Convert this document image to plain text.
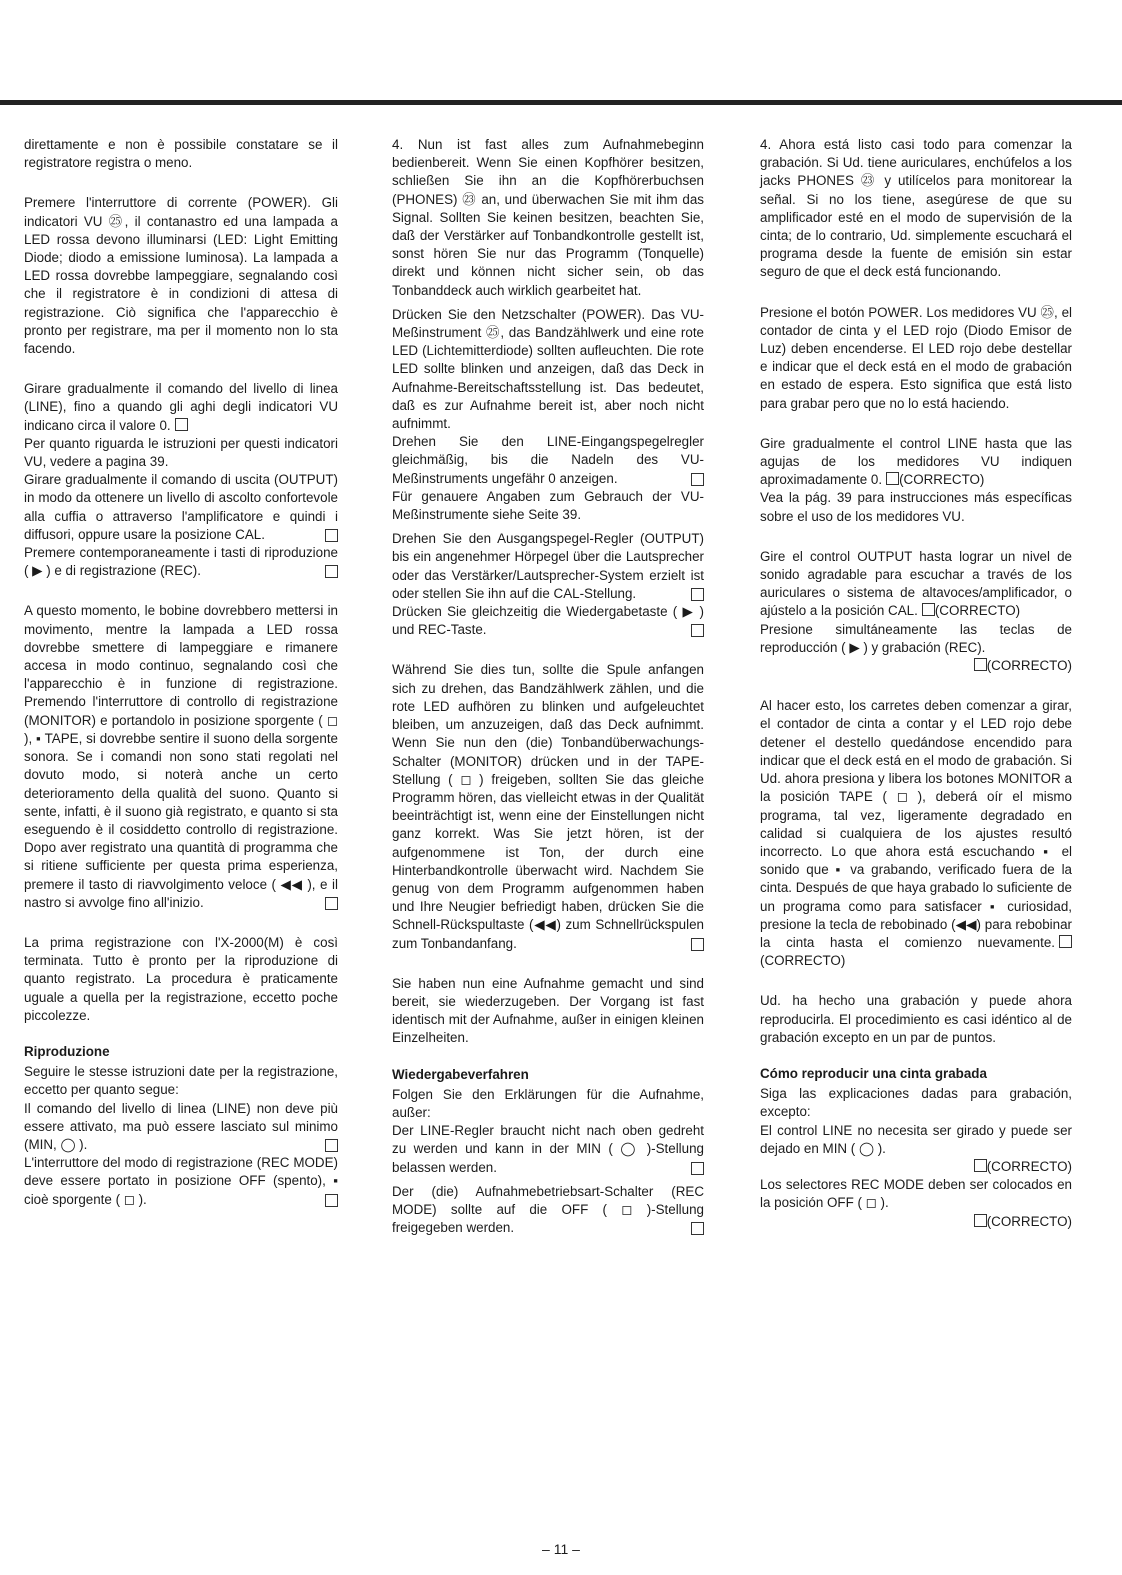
direttamente e non è possibile constatare se il registratore registra o meno.

Premere l'interruttore di corrente (POWER). Gli indicatori VU ㉕, il contanastro ed una lampada a LED rossa devono illuminarsi (LED: Light Emitting Diode; diodo a emissione luminosa). La lampada a LED rossa dovrebbe lampeggiare, segnalando così che il registratore è in condizioni di attesa di registrazione. Ciò significa che l'apparecchio è pronto per registrare, ma per il momento non lo sta facendo.

Girare gradualmente il comando del livello di linea (LINE), fino a quando gli aghi degli indicatori VU indicano circa il valore 0.

Per quanto riguarda le istruzioni per questi indicatori VU, vedere a pagina 39.

Girare gradualmente il comando di uscita (OUTPUT) in modo da ottenere un livello di ascolto confortevole alla cuffia o attraverso l'amplificatore e quindi i diffusori, oppure usare la posizione CAL.

Premere contemporaneamente i tasti di riproduzione ( ▶ ) e di registrazione (REC).

A questo momento, le bobine dovrebbero mettersi in movimento, mentre la lampada a LED rossa dovrebbe smettere di lampeggiare e rimanere accesa in modo continuo, segnalando così che l'apparecchio è in funzione di registrazione. Premendo l'interruttore di controllo di registrazione (MONITOR) e portandolo in posizione sporgente ( ◻ ), ▪ TAPE, si dovrebbe sentire il suono della sorgente sonora. Se i comandi non sono stati regolati nel dovuto modo, si noterà anche un certo deterioramento della qualità del suono. Quanto si sente, infatti, è il suono già registrato, e quanto si sta eseguendo è il cosiddetto controllo di registrazione. Dopo aver registrato una quantità di programma che si ritiene sufficiente per questa prima esperienza, premere il tasto di riavvolgimento veloce ( ◀◀ ), e il nastro si avvolge fino all'inizio.

La prima registrazione con l'X-2000(M) è così terminata. Tutto è pronto per la riproduzione di quanto registrato. La procedura è praticamente uguale a quella per la registrazione, eccetto poche piccolezze.

Riproduzione

Seguire le stesse istruzioni date per la registrazione, eccetto per quanto segue:

Il comando del livello di linea (LINE) non deve più essere attivato, ma può essere lasciato sul minimo (MIN, ◯ ).

L'interruttore del modo di registrazione (REC MODE) deve essere portato in posizione OFF (spento), ▪ cioè sporgente ( ◻ ).

4. Nun ist fast alles zum Aufnahmebeginn bedienbereit. Wenn Sie einen Kopfhörer besitzen, schließen Sie ihn an die Kopfhörerbuchsen (PHONES) ㉓ an, und überwachen Sie mit ihm das Signal. Sollten Sie keinen besitzen, beachten Sie, daß der Verstärker auf Tonbandkontrolle gestellt ist, sonst hören Sie nur das Programm (Tonquelle) direkt und können nicht sicher sein, ob das Tonbanddeck auch wirklich gearbeitet hat.

Drücken Sie den Netzschalter (POWER). Das VU-Meßinstrument ㉕, das Bandzählwerk und eine rote LED (Lichtemitterdiode) sollten aufleuchten. Die rote LED sollte blinken und anzeigen, daß das Deck in Aufnahme-Bereitschaftsstellung ist. Das bedeutet, daß es zur Aufnahme bereit ist, aber noch nicht aufnimmt.

Drehen Sie den LINE-Eingangspegelregler gleichmäßig, bis die Nadeln des VU-Meßinstruments ungefähr 0 anzeigen.

Für genauere Angaben zum Gebrauch der VU-Meßinstrumente siehe Seite 39.

Drehen Sie den Ausgangspegel-Regler (OUTPUT) bis ein angenehmer Hörpegel über die Lautsprecher oder das Verstärker/Lautsprecher-System erzielt ist oder stellen Sie ihn auf die CAL-Stellung.

Drücken Sie gleichzeitig die Wiedergabetaste ( ▶ ) und REC-Taste.

Während Sie dies tun, sollte die Spule anfangen sich zu drehen, das Bandzählwerk zählen, und die rote LED aufhören zu blinken und aufgeleuchtet bleiben, um anzuzeigen, daß das Deck aufnimmt. Wenn Sie nun den (die) Tonbandüberwachungs-Schalter (MONITOR) drücken und in der TAPE-Stellung ( ◻ ) freigeben, sollten Sie das gleiche Programm hören, das vielleicht etwas in der Qualität beeinträchtigt ist, wenn eine der Einstellungen nicht ganz korrekt. Was Sie jetzt hören, ist der aufgenommene ist Ton, der durch eine Hinterbandkontrolle überwacht wird. Nachdem Sie genug von dem Programm aufgenommen haben und Ihre Neugier befriedigt haben, drücken Sie die Schnell-Rückspultaste (◀◀) zum Schnellrückspulen zum Tonbandanfang.

Sie haben nun eine Aufnahme gemacht und sind bereit, sie wiederzugeben. Der Vorgang ist fast identisch mit der Aufnahme, außer in einigen kleinen Einzelheiten.

Wiedergabeverfahren

Folgen Sie den Erklärungen für die Aufnahme, außer:

Der LINE-Regler braucht nicht nach oben gedreht zu werden und kann in der MIN ( ◯ )-Stellung belassen werden.

Der (die) Aufnahmebetriebsart-Schalter (REC MODE) sollte auf die OFF ( ◻ )-Stellung freigegeben werden.

4. Ahora está listo casi todo para comenzar la grabación. Si Ud. tiene auriculares, enchúfelos a los jacks PHONES ㉓ y utilícelos para monitorear la señal. Si no los tiene, asegúrese de que su amplificador esté en el modo de supervisión de la cinta; de lo contrario, Ud. simplemente escuchará el programa desde la fuente de emisión sin estar seguro de que el deck está funcionando.

Presione el botón POWER. Los medidores VU ㉕, el contador de cinta y el LED rojo (Diodo Emisor de Luz) deben encenderse. El LED rojo debe destellar e indicar que el deck está en el modo de grabación en estado de espera. Esto significa que está listo para grabar pero que no lo está haciendo.

Gire gradualmente el control LINE hasta que las agujas de los medidores VU indiquen aproximadamente 0. (CORRECTO)

Vea la pág. 39 para instrucciones más específicas sobre el uso de los medidores VU.

Gire el control OUTPUT hasta lograr un nivel de sonido agradable para escuchar a través de los auriculares o sistema de altavoces/amplificador, o ajústelo a la posición CAL. (CORRECTO)

Presione simultáneamente las teclas de reproducción ( ▶ ) y grabación (REC).

(CORRECTO)

Al hacer esto, los carretes deben comenzar a girar, el contador de cinta a contar y el LED rojo debe detener el destello quedándose encendido para indicar que el deck está en el modo de grabación. Si Ud. ahora presiona y libera los botones MONITOR a la posición TAPE ( ◻ ), deberá oír el mismo programa, tal vez, ligeramente degradado en calidad si cualquiera de los ajustes resultó incorrecto. Lo que ahora está escuchando ▪ el sonido que ▪ va grabando, verificado fuera de la cinta. Después de que haya grabado lo suficiente de un programa como para satisfacer ▪ curiosidad, presione la tecla de rebobinado (◀◀) para rebobinar la cinta hasta el comienzo nuevamente.(CORRECTO)

Ud. ha hecho una grabación y puede ahora reproducirla. El procedimiento es casi idéntico al de grabación excepto en un par de puntos.

Cómo reproducir una cinta grabada

Siga las explicaciones dadas para grabación, excepto:

El control LINE no necesita ser girado y puede ser dejado en MIN ( ◯ ).

(CORRECTO)

Los selectores REC MODE deben ser colocados en la posición OFF ( ◻ ).

(CORRECTO)

– 11 –
